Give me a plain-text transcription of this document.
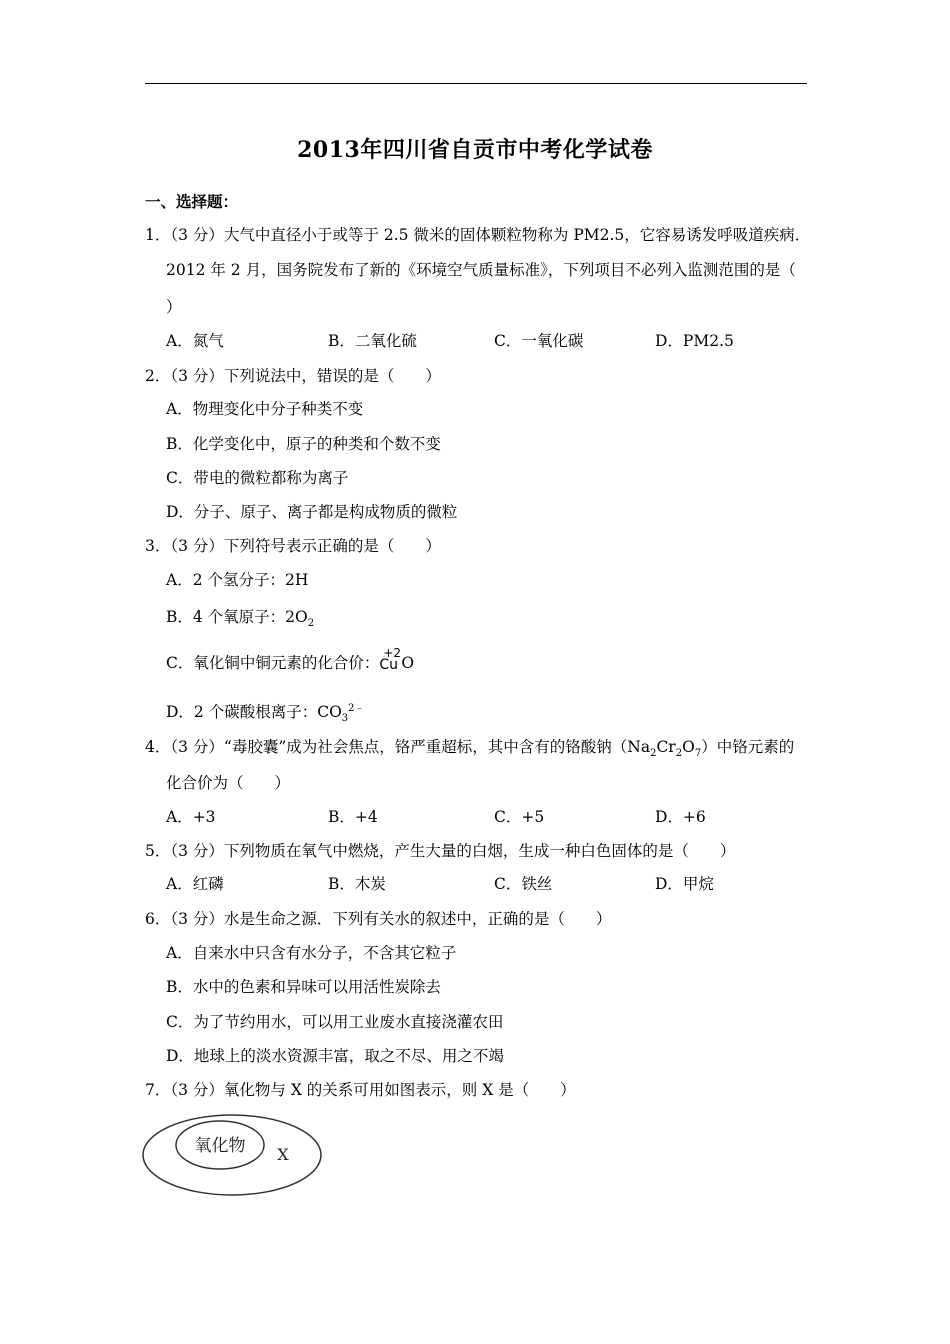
2013年四川省自贡市中考化学试卷
一、选择题：
1．（3 分）大气中直径小于或等于 2.5 微米的固体颗粒物称为 PM2.5，它容易诱发呼吸道疾病．
2012 年 2 月，国务院发布了新的《环境空气质量标准》，下列项目不必列入监测范围的是（
）
A．氮气	B．二氧化硫	C．一氧化碳	D．PM2.5
2．（3 分）下列说法中，错误的是（　　）
A．物理变化中分子种类不变
B．化学变化中，原子的种类和个数不变
C．带电的微粒都称为离子
D．分子、原子、离子都是构成物质的微粒
3．（3 分）下列符号表示正确的是（　　）
A．2 个氢分子：2H
B．4 个氧原子：$2O_2$
C．氧化铜中铜元素的化合价：
+2
Cu O
D．2 个碳酸根离子：$CO_3^{2﹣}$
4．（3 分）“毒胶囊”成为社会焦点，铬严重超标，其中含有的铬酸钠$(Na_2Cr_2O_7)$中铬元素的
化合价为（　　）
A．+3	B．+4	C．+5	D．+6
5．（3 分）下列物质在氧气中燃烧，产生大量的白烟，生成一种白色固体的是（　　）
A．红磷	B．木炭	C．铁丝	D．甲烷
6．（3 分）水是生命之源．下列有关水的叙述中，正确的是（　　）
A．自来水中只含有水分子，不含其它粒子
B．水中的色素和异味可以用活性炭除去
C．为了节约用水，可以用工业废水直接浇灌农田
D．地球上的淡水资源丰富，取之不尽、用之不竭
7．（3 分）氧化物与 X 的关系可用如图表示，则 X 是（　　）
氧化物 X
